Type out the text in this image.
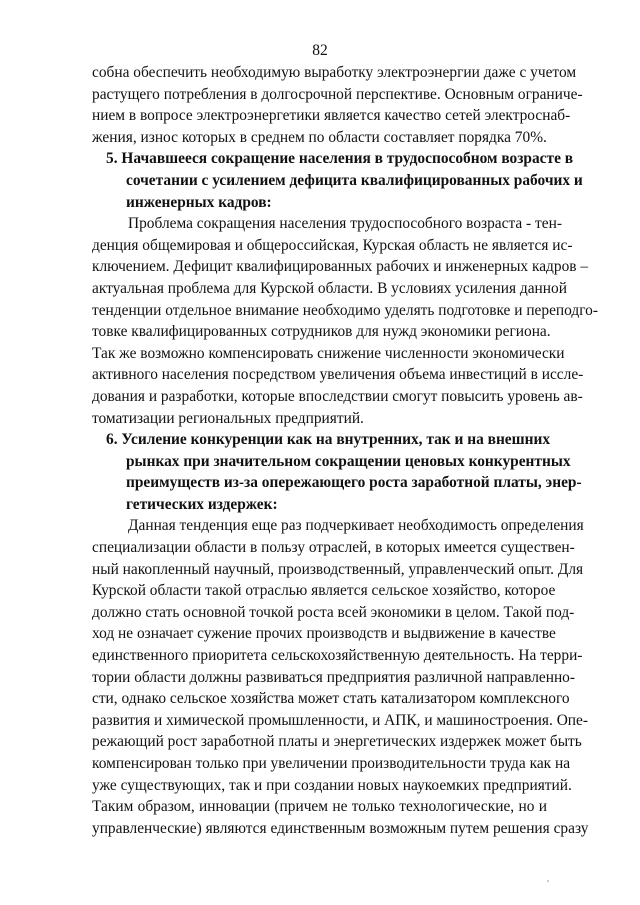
82
собна обеспечить необходимую выработку электроэнергии даже с учетом
растущего потребления в долгосрочной перспективе. Основным ограниче-
нием в вопросе электроэнергетики является качество сетей электроснаб-
жения, износ которых в среднем по области составляет порядка 70%.
5. Начавшееся сокращение населения в трудоспособном возрасте в
сочетании с усилением дефицита квалифицированных рабочих и
инженерных кадров:
Проблема сокращения населения трудоспособного возраста - тен-
денция общемировая и общероссийская, Курская область не является ис-
ключением. Дефицит квалифицированных рабочих и инженерных кадров –
актуальная проблема для Курской области. В условиях усиления данной
тенденции отдельное внимание необходимо уделять подготовке и переподго-
товке квалифицированных сотрудников для нужд экономики региона.
Так же возможно компенсировать снижение численности экономически
активного населения посредством увеличения объема инвестиций в иссле-
дования и разработки, которые впоследствии смогут повысить уровень ав-
томатизации региональных предприятий.
6. Усиление конкуренции как на внутренних, так и на внешних
рынках при значительном сокращении ценовых конкурентных
преимуществ из-за опережающего роста заработной платы, энер-
гетических издержек:
Данная тенденция еще раз подчеркивает необходимость определения
специализации области в пользу отраслей, в которых имеется существен-
ный накопленный научный, производственный, управленческий опыт. Для
Курской области такой отраслью является сельское хозяйство, которое
должно стать основной точкой роста всей экономики в целом. Такой под-
ход не означает сужение прочих производств и выдвижение в качестве
единственного приоритета сельскохозяйственную деятельность. На терри-
тории области должны развиваться предприятия различной направленно-
сти, однако сельское хозяйства может стать катализатором комплексного
развития и химической промышленности, и АПК, и машиностроения. Опе-
режающий рост заработной платы и энергетических издержек может быть
компенсирован только при увеличении производительности труда как на
уже существующих, так и при создании новых наукоемких предприятий.
Таким образом, инновации (причем не только технологические, но и
управленческие) являются единственным возможным путем решения сразу
